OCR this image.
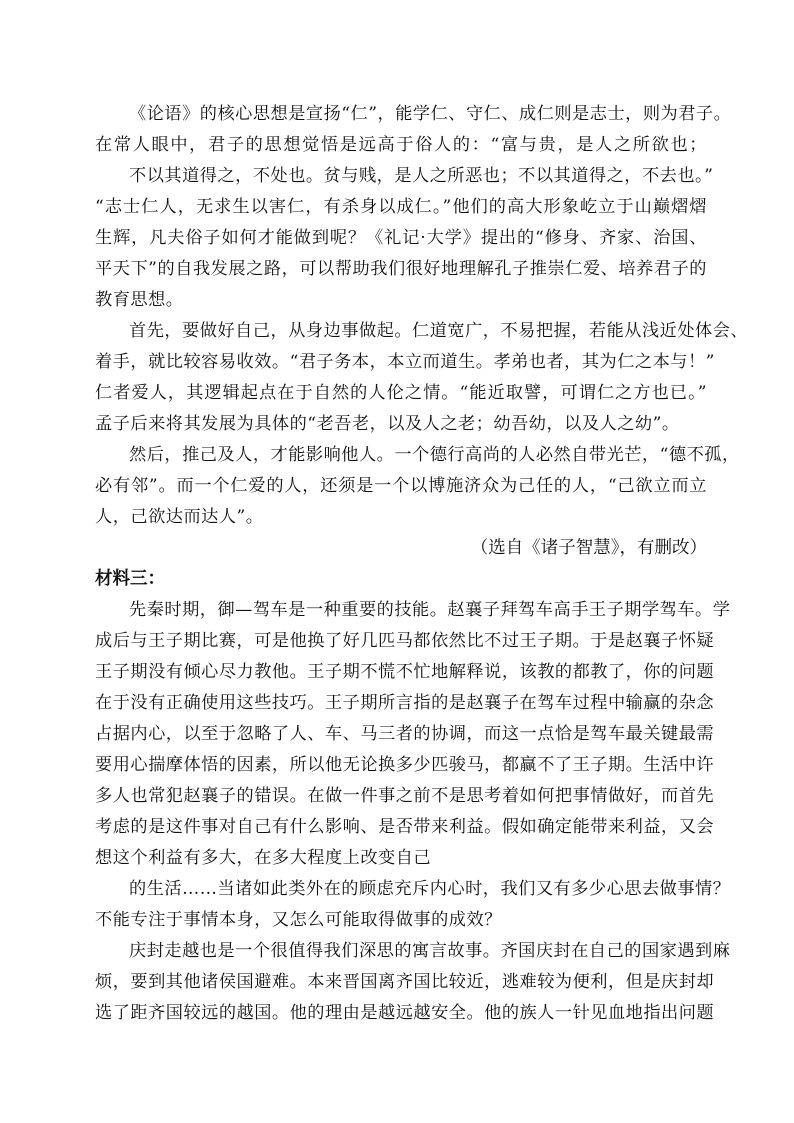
《论语》的核心思想是宣扬“仁”，能学仁、守仁、成仁则是志士，则为君子。
在常人眼中，君子的思想觉悟是远高于俗人的：“富与贵，是人之所欲也；
不以其道得之，不处也。贫与贱，是人之所恶也；不以其道得之，不去也。”
“志士仁人，无求生以害仁，有杀身以成仁。”他们的高大形象屹立于山巅熠熠
生辉，凡夫俗子如何才能做到呢？《礼记·大学》提出的“修身、齐家、治国、
平天下”的自我发展之路，可以帮助我们很好地理解孔子推崇仁爱、培养君子的
教育思想。
首先，要做好自己，从身边事做起。仁道宽广，不易把握，若能从浅近处体会、
着手，就比较容易收效。“君子务本，本立而道生。孝弟也者，其为仁之本与！”
仁者爱人，其逻辑起点在于自然的人伦之情。“能近取譬，可谓仁之方也已。”
孟子后来将其发展为具体的“老吾老，以及人之老；幼吾幼，以及人之幼”。
然后，推己及人，才能影响他人。一个德行高尚的人必然自带光芒，“德不孤，
必有邻”。而一个仁爱的人，还须是一个以博施济众为己任的人，“己欲立而立
人，己欲达而达人”。
（选自《诸子智慧》，有删改）
材料三：
先秦时期，御—驾车是一种重要的技能。赵襄子拜驾车高手王子期学驾车。学
成后与王子期比赛，可是他换了好几匹马都依然比不过王子期。于是赵襄子怀疑
王子期没有倾心尽力教他。王子期不慌不忙地解释说，该教的都教了，你的问题
在于没有正确使用这些技巧。王子期所言指的是赵襄子在驾车过程中输赢的杂念
占据内心，以至于忽略了人、车、马三者的协调，而这一点恰是驾车最关键最需
要用心揣摩体悟的因素，所以他无论换多少匹骏马，都赢不了王子期。生活中许
多人也常犯赵襄子的错误。在做一件事之前不是思考着如何把事情做好，而首先
考虑的是这件事对自己有什么影响、是否带来利益。假如确定能带来利益，又会
想这个利益有多大，在多大程度上改变自己
的生活……当诸如此类外在的顾虑充斥内心时，我们又有多少心思去做事情？
不能专注于事情本身，又怎么可能取得做事的成效？
庆封走越也是一个很值得我们深思的寓言故事。齐国庆封在自己的国家遇到麻
烦，要到其他诸侯国避难。本来晋国离齐国比较近，逃难较为便利，但是庆封却
选了距齐国较远的越国。他的理由是越远越安全。他的族人一针见血地指出问题
